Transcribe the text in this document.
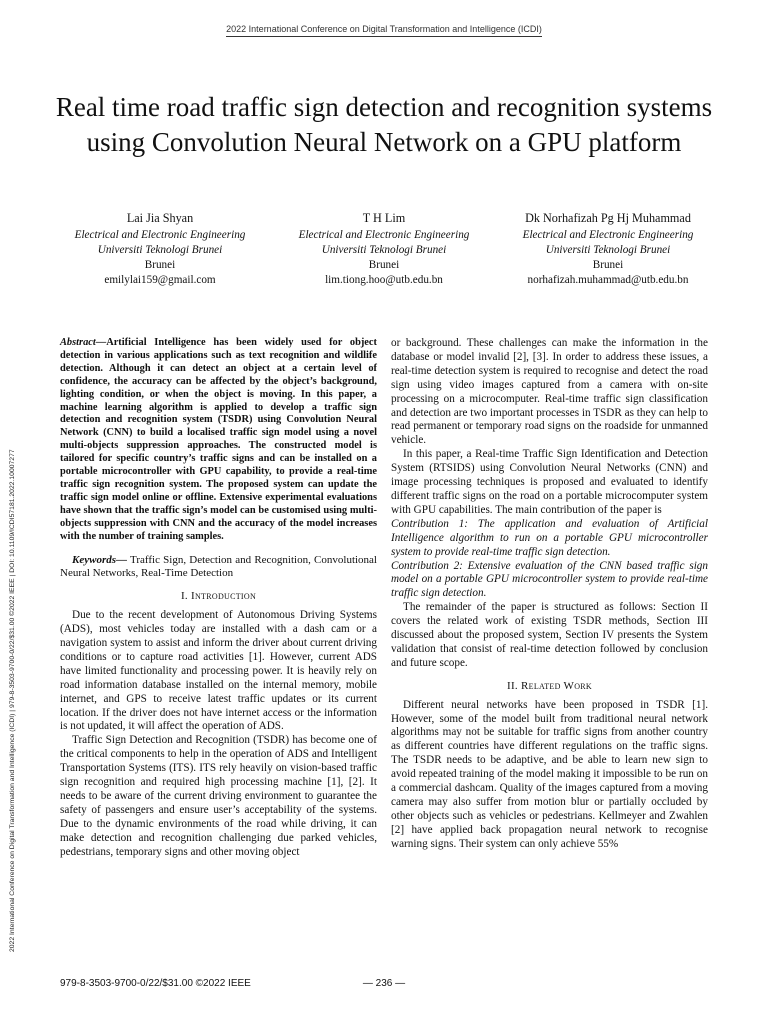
2022 International Conference on Digital Transformation and Intelligence (ICDI)
Real time road traffic sign detection and recognition systems using Convolution Neural Network on a GPU platform
Lai Jia Shyan
Electrical and Electronic Engineering
Universiti Teknologi Brunei
Brunei
emilylai159@gmail.com
T H Lim
Electrical and Electronic Engineering
Universiti Teknologi Brunei
Brunei
lim.tiong.hoo@utb.edu.bn
Dk Norhafizah Pg Hj Muhammad
Electrical and Electronic Engineering
Universiti Teknologi Brunei
Brunei
norhafizah.muhammad@utb.edu.bn
2022 International Conference on Digital Transformation and Intelligence (ICDI) | 979-8-3503-9700-0/22/$31.00 ©2022 IEEE | DOI: 10.1109/ICDI57181.2022.10007277

Abstract—Artificial Intelligence has been widely used for object detection in various applications such as text recognition and wildlife detection. Although it can detect an object at a certain level of confidence, the accuracy can be affected by the object’s background, lighting condition, or when the object is moving. In this paper, a machine learning algorithm is applied to develop a traffic sign detection and recognition system (TSDR) using Convolution Neural Network (CNN) to build a localised traffic sign model using a novel multi-objects suppression approaches. The constructed model is tailored for specific country’s traffic signs and can be installed on a portable microcontroller with GPU capability, to provide a real-time traffic sign recognition system. The proposed system can update the traffic sign model online or offline. Extensive experimental evaluations have shown that the traffic sign’s model can be customised using multi-objects suppression with CNN and the accuracy of the model increases with the number of training samples.

Keywords— Traffic Sign, Detection and Recognition, Convolutional Neural Networks, Real-Time Detection

I. Introduction

Due to the recent development of Autonomous Driving Systems (ADS), most vehicles today are installed with a dash cam or a navigation system to assist and inform the driver about current driving conditions or to capture road activities [1]. However, current ADS have limited functionality and processing power. It is heavily rely on road information database installed on the internal memory, mobile internet, and GPS to receive latest traffic updates or its current location. If the driver does not have internet access or the information is not updated, it will affect the operation of ADS.

Traffic Sign Detection and Recognition (TSDR) has become one of the critical components to help in the operation of ADS and Intelligent Transportation Systems (ITS). ITS rely heavily on vision-based traffic sign recognition and required high processing machine [1], [2]. It needs to be aware of the current driving environment to guarantee the safety of passengers and ensure user’s acceptability of the systems. Due to the dynamic environments of the road while driving, it can make detection and recognition challenging due parked vehicles, pedestrians, temporary signs and other moving object

or background. These challenges can make the information in the database or model invalid [2], [3]. In order to address these issues, a real-time detection system is required to recognise and detect the road sign using video images captured from a camera with on-site processing on a microcomputer. Real-time traffic sign classification and detection are two important processes in TSDR as they can help to read permanent or temporary road signs on the roadside for unmanned vehicle.

In this paper, a Real-time Traffic Sign Identification and Detection System (RTSIDS) using Convolution Neural Networks (CNN) and image processing techniques is proposed and evaluated to identify different traffic signs on the road on a portable microcomputer system with GPU capabilities. The main contribution of the paper is

Contribution 1: The application and evaluation of Artificial Intelligence algorithm to run on a portable GPU microcontroller system to provide real-time traffic sign detection.

Contribution 2: Extensive evaluation of the CNN based traffic sign model on a portable GPU microcontroller system to provide real-time traffic sign detection.

The remainder of the paper is structured as follows: Section II covers the related work of existing TSDR methods, Section III discussed about the proposed system, Section IV presents the System validation that consist of real-time detection followed by conclusion and future scope.

II. Related Work

Different neural networks have been proposed in TSDR [1]. However, some of the model built from traditional neural network algorithms may not be suitable for traffic signs from another country as different countries have different regulations on the traffic signs. The TSDR needs to be adaptive, and be able to learn new sign to avoid repeated training of the model making it impossible to be run on a commercial dashcam. Quality of the images captured from a moving camera may also suffer from motion blur or partially occluded by other objects such as vehicles or pedestrians. Kellmeyer and Zwahlen [2] have applied back propagation neural network to recognise warning signs. Their system can only achieve 55%

979-8-3503-9700-0/22/$31.00 ©2022 IEEE	— 236 —
